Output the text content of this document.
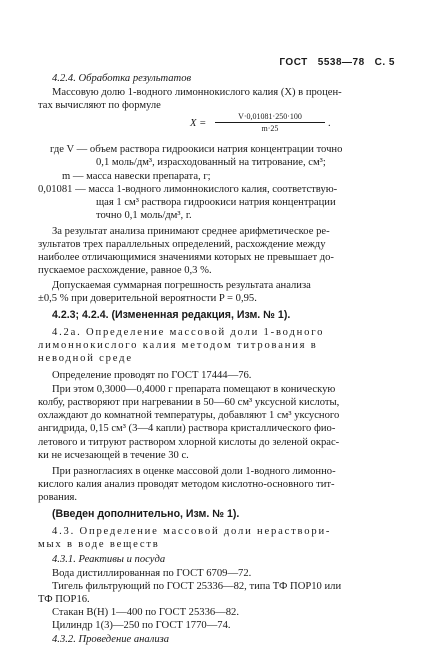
ГОСТ 5538—78 С. 5
4.2.4. Обработка результатов
Массовую долю 1-водного лимоннокислого калия (X) в процен-
тах вычисляют по формуле
$X = \frac{V\cdot 0,01081\cdot 250\cdot 100}{m\cdot 25}$ .
где V — объем раствора гидроокиси натрия концентрации точно
0,1 моль/дм³, израсходованный на титрование, см³;
m — масса навески препарата, г;
0,01081 — масса 1-водного лимоннокислого калия, соответствую-
щая 1 см³ раствора гидроокиси натрия концентрации
точно 0,1 моль/дм³, г.
За результат анализа принимают среднее арифметическое ре-
зультатов трех параллельных определений, расхождение между
наиболее отличающимися значениями которых не превышает до-
пускаемое расхождение, равное 0,3 %.
Допускаемая суммарная погрешность результата анализа
±0,5 % при доверительной вероятности P = 0,95.
4.2.3; 4.2.4. (Измененная редакция, Изм. № 1).
4.2а. Определение массовой доли 1-водного
лимоннокислого калия методом титрования в
неводной среде
Определение проводят по ГОСТ 17444—76.
При этом 0,3000—0,4000 г препарата помещают в коническую
колбу, растворяют при нагревании в 50—60 см³ уксусной кислоты,
охлаждают до комнатной температуры, добавляют 1 см³ уксусного
ангидрида, 0,15 см³ (3—4 капли) раствора кристаллического фио-
летового и титруют раствором хлорной кислоты до зеленой окрас-
ки не исчезающей в течение 30 с.
При разногласиях в оценке массовой доли 1-водного лимонно-
кислого калия анализ проводят методом кислотно-основного тит-
рования.
(Введен дополнительно, Изм. № 1).
4.3. Определение массовой доли нераствори-
мых в воде веществ
4.3.1. Реактивы и посуда
Вода дистиллированная по ГОСТ 6709—72.
Тигель фильтрующий по ГОСТ 25336—82, типа ТФ ПОР10 или
ТФ ПОР16.
Стакан В(Н) 1—400 по ГОСТ 25336—82.
Цилиндр 1(3)—250 по ГОСТ 1770—74.
4.3.2. Проведение анализа
